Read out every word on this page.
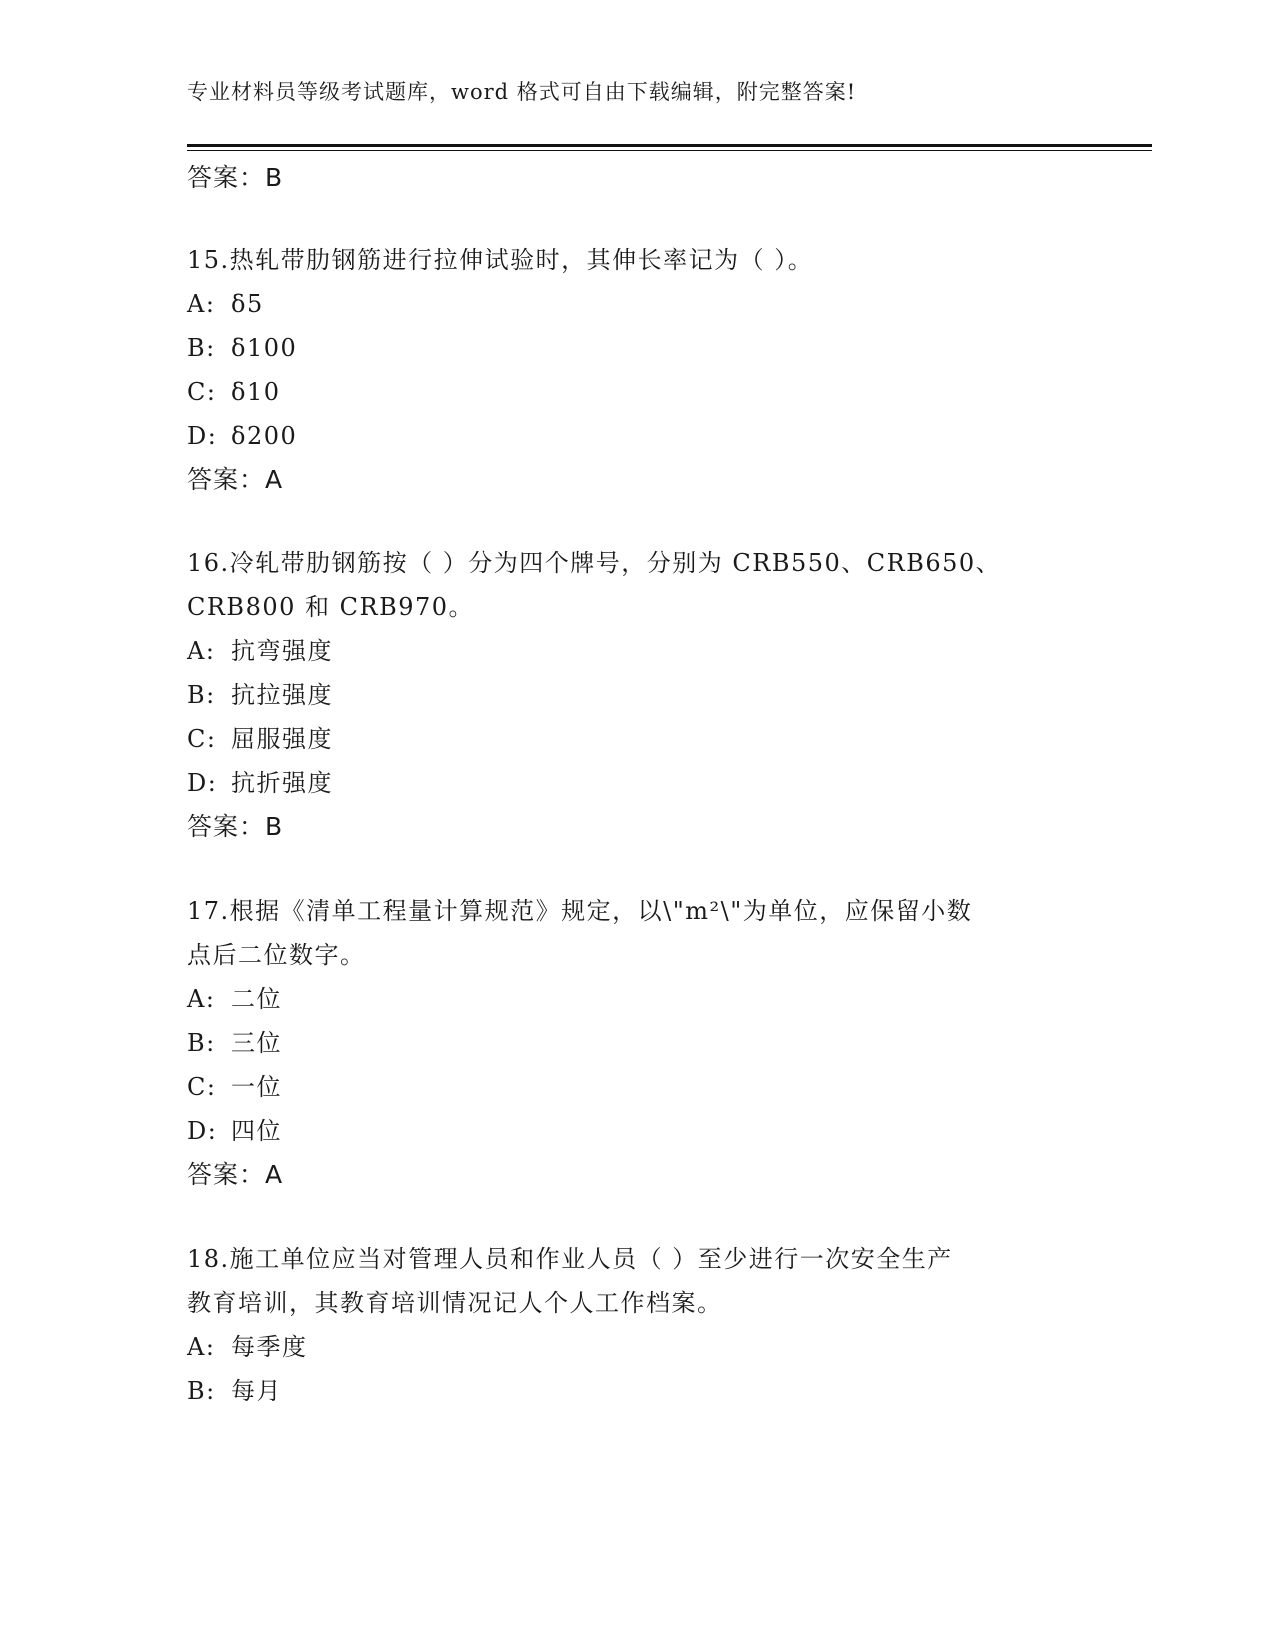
专业材料员等级考试题库，word 格式可自由下载编辑，附完整答案!
答案：B
15.热轧带肋钢筋进行拉伸试验时，其伸长率记为（ ）。
A: δ5
B: δ100
C: δ10
D: δ200
答案：A
16.冷轧带肋钢筋按（ ）分为四个牌号，分别为 CRB550、CRB650、
CRB800 和 CRB970。
A: 抗弯强度
B: 抗拉强度
C: 屈服强度
D: 抗折强度
答案：B
17.根据《清单工程量计算规范》规定，以\"m²\"为单位，应保留小数
点后二位数字。
A: 二位
B: 三位
C: 一位
D: 四位
答案：A
18.施工单位应当对管理人员和作业人员（ ）至少进行一次安全生产
教育培训，其教育培训情况记人个人工作档案。
A: 每季度
B: 每月
